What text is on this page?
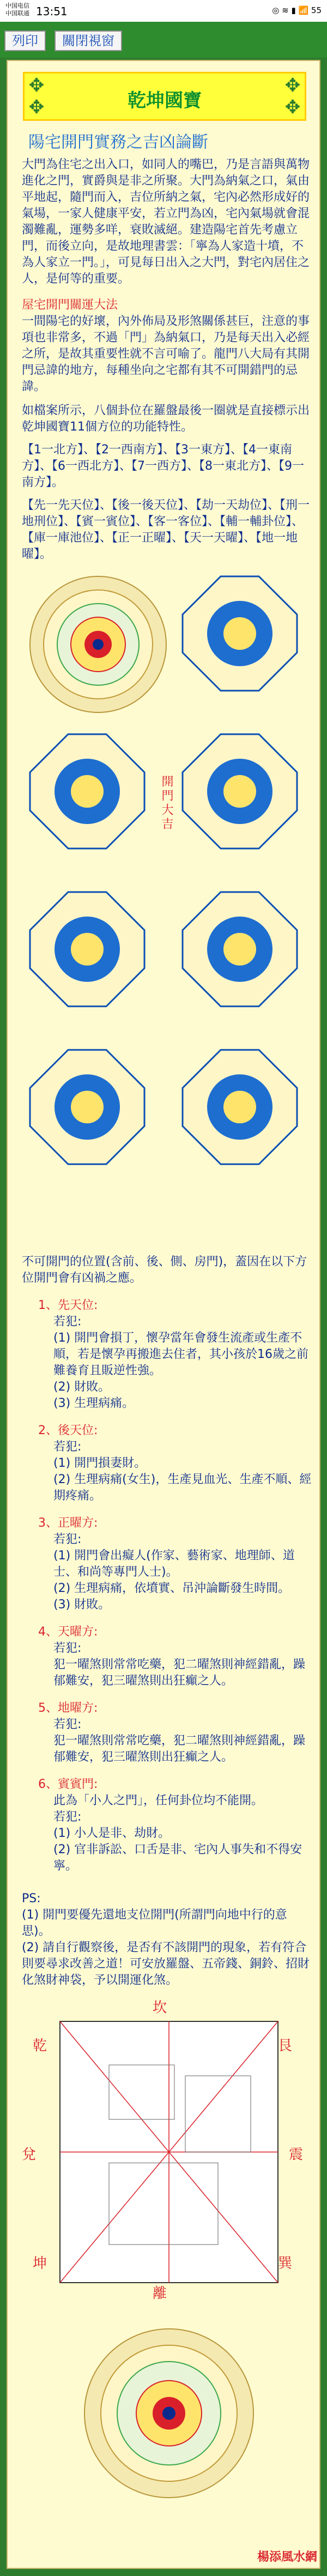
中国电信
中国联通 13:51	◎ ≋ ▮ 📶 55
列印	關閉視窗
✥	✥
✥	✥
乾坤國寶
陽宅開門實務之吉凶論斷
大門為住宅之出入口，如同人的嘴巴，乃是言語與萬物進化之門，實爵與是非之所聚。大門為納氣之口，氣由平地起，隨門而入，吉位所納之氣，宅內必然形成好的氣場，一家人健康平安，若立門為凶，宅內氣場就會混濁難亂，運勢多咩，衰敗滅絕。建造陽宅首先考慮立門，而後立向，是故地理書雲：「寧為人家造十墳，不為人家立一門。」，可見每日出入之大門，對宅內居住之人，是何等的重要。
屋宅開門關運大法
一間陽宅的好壞，內外佈局及形煞關係甚巨，注意的事項也非常多，不過「門」為納氣口，乃是每天出入必經之所，是故其重要性就不言可喻了。龍門八大局有其開門忌諱的地方，每種坐向之宅都有其不可開錯門的忌諱。
如檔案所示，八個卦位在羅盤最後一圈就是直接標示出乾坤國寶11個方位的功能特性。
【1一北方】、【2一西南方】、【3一東方】、【4一東南方】、【6一西北方】、【7一西方】、【8一東北方】、【9一南方】。
【先一先天位】、【後一後天位】、【劫一天劫位】、【刑一地刑位】、【賓一賓位】、【客一客位】、【輔一輔卦位】、【庫一庫池位】、【正一正曜】、【天一天曜】、【地一地曜】。
開門大吉
不可開門的位置(含前、後、側、房門)，蓋因在以下方位開門會有凶禍之應。
1、先天位:
若犯:
(1) 開門會損丁，懷孕當年會發生流產或生產不順，若是懷孕再搬進去住者，其小孩於16歲之前難養育且販逆性強。
(2) 財敗。
(3) 生理病痛。
2、後天位:
若犯:
(1) 開門損妻財。
(2) 生理病痛(女生)，生產見血光、生產不順、經期疼痛。
3、正曜方:
若犯:
(1) 開門會出癡人(作家、藝術家、地理師、道士、和尚等專門人士)。
(2) 生理病痛，依墳實、吊沖論斷發生時間。
(3) 財敗。
4、天曜方:
若犯:
犯一曜煞則常常吃藥，犯二曜煞則神經錯亂，躁郁難安，犯三曜煞則出狂癲之人。
5、地曜方:
若犯:
犯一曜煞則常常吃藥，犯二曜煞則神經錯亂，躁郁難安，犯三曜煞則出狂癲之人。
6、賓賓門:
此為「小人之門」，任何卦位均不能開。
若犯:
(1) 小人是非、劫財。
(2) 官非訴訟、口舌是非、宅內人事失和不得安寧。
PS:
(1) 開門要優先還地支位開門(所謂門向地中行的意思)。
(2) 請自行觀察後，是否有不該開門的現象，若有符合則要尋求改善之道！可安放羅盤、五帝錢、銅鈴、招財化煞財神袋，予以開運化煞。
坎
艮
震
巽
離
坤
兌
乾
楊添風水網
